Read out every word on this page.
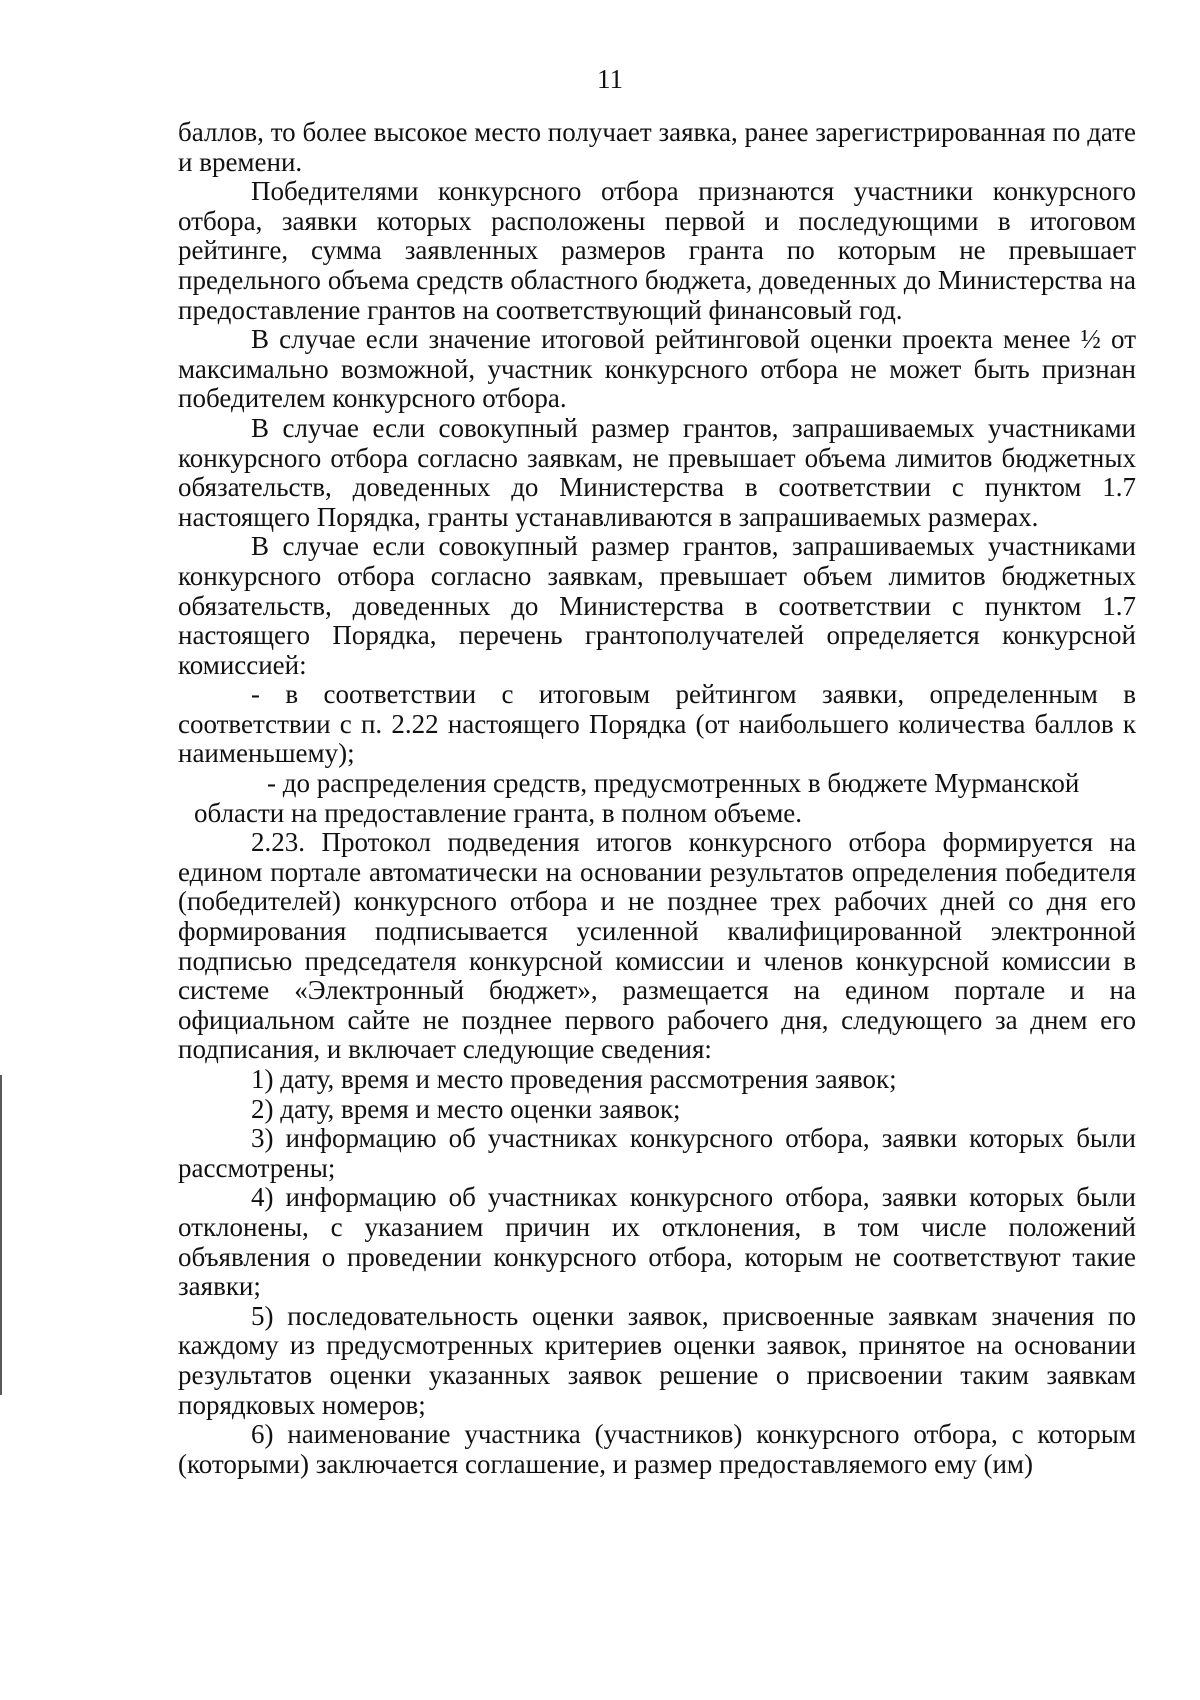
11

баллов, то более высокое место получает заявка, ранее зарегистрированная по дате и времени.

Победителями конкурсного отбора признаются участники конкурсного отбора, заявки которых расположены первой и последующими в итоговом рейтинге, сумма заявленных размеров гранта по которым не превышает предельного объема средств областного бюджета, доведенных до Министерства на предоставление грантов на соответствующий финансовый год.

В случае если значение итоговой рейтинговой оценки проекта менее ½ от максимально возможной, участник конкурсного отбора не может быть признан победителем конкурсного отбора.

В случае если совокупный размер грантов, запрашиваемых участниками конкурсного отбора согласно заявкам, не превышает объема лимитов бюджетных обязательств, доведенных до Министерства в соответствии с пунктом 1.7 настоящего Порядка, гранты устанавливаются в запрашиваемых размерах.

В случае если совокупный размер грантов, запрашиваемых участниками конкурсного отбора согласно заявкам, превышает объем лимитов бюджетных обязательств, доведенных до Министерства в соответствии с пунктом 1.7 настоящего Порядка, перечень грантополучателей определяется конкурсной комиссией:

- в соответствии с итоговым рейтингом заявки, определенным в соответствии с п. 2.22 настоящего Порядка (от наибольшего количества баллов к наименьшему);

- до распределения средств, предусмотренных в бюджете Мурманской области на предоставление гранта, в полном объеме.

2.23. Протокол подведения итогов конкурсного отбора формируется на едином портале автоматически на основании результатов определения победителя (победителей) конкурсного отбора и не позднее трех рабочих дней со дня его формирования подписывается усиленной квалифицированной электронной подписью председателя конкурсной комиссии и членов конкурсной комиссии в системе «Электронный бюджет», размещается на едином портале и на официальном сайте не позднее первого рабочего дня, следующего за днем его подписания, и включает следующие сведения:

1) дату, время и место проведения рассмотрения заявок;

2) дату, время и место оценки заявок;

3) информацию об участниках конкурсного отбора, заявки которых были рассмотрены;

4) информацию об участниках конкурсного отбора, заявки которых были отклонены, с указанием причин их отклонения, в том числе положений объявления о проведении конкурсного отбора, которым не соответствуют такие заявки;

5) последовательность оценки заявок, присвоенные заявкам значения по каждому из предусмотренных критериев оценки заявок, принятое на основании результатов оценки указанных заявок решение о присвоении таким заявкам порядковых номеров;

6) наименование участника (участников) конкурсного отбора, с которым (которыми) заключается соглашение, и размер предоставляемого ему (им)
